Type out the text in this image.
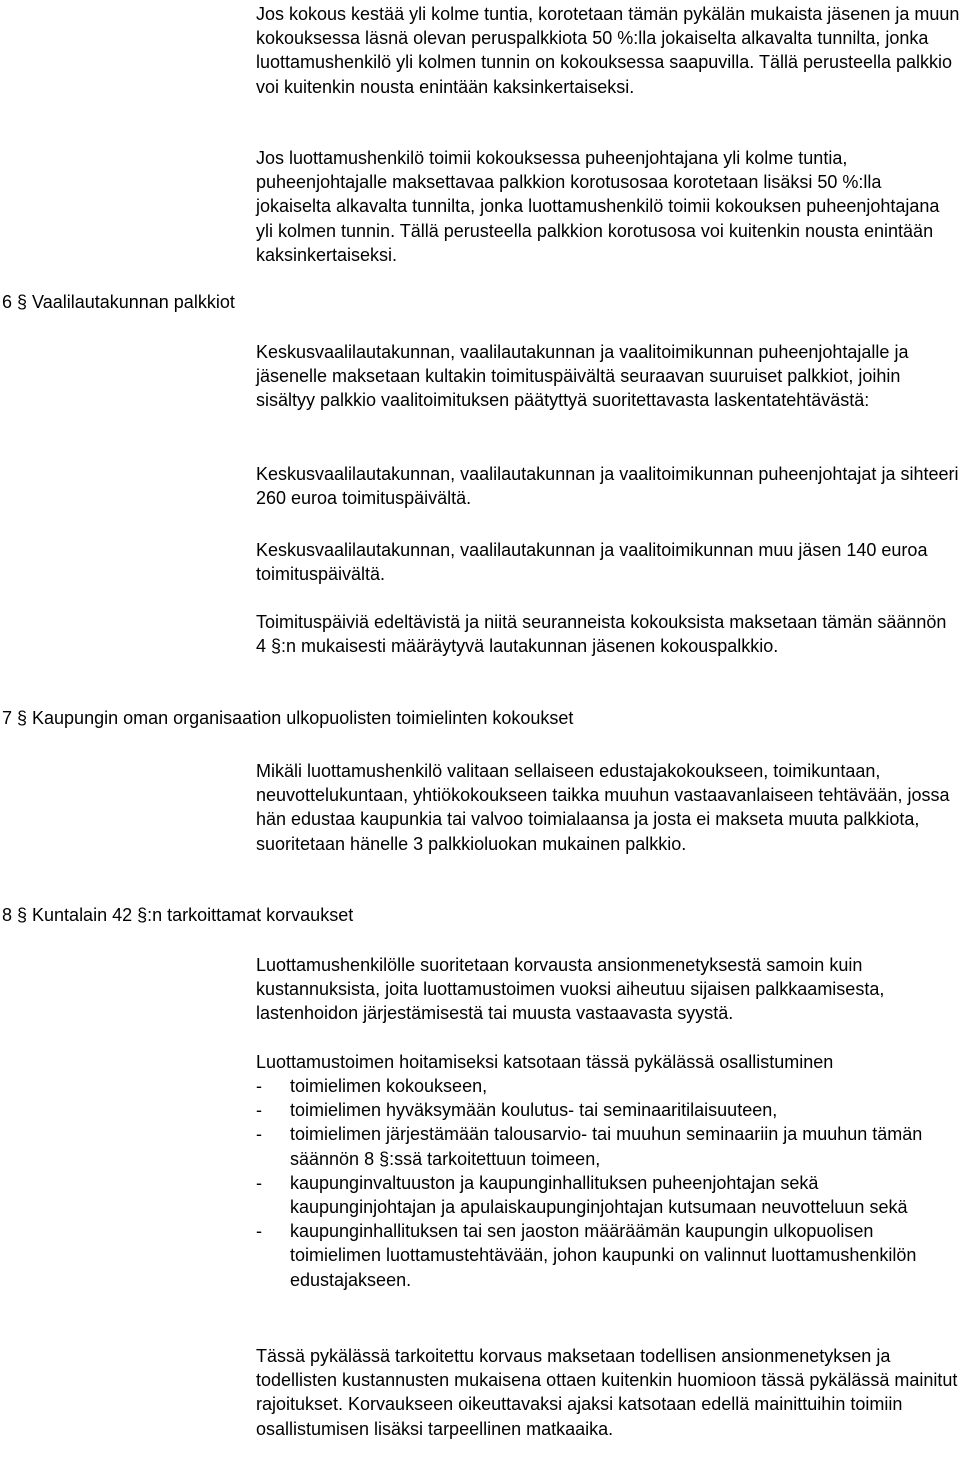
Jos kokous kestää yli kolme tuntia, korotetaan tämän pykälän mukaista jäsenen ja muun kokouksessa läsnä olevan peruspalkkiota 50 %:lla jokaiselta alkavalta tunnilta, jonka luottamushenkilö yli kolmen tunnin on kokouksessa saapuvilla. Tällä perusteella palkkio voi kuitenkin nousta enintään kaksinkertaiseksi.

Jos luottamushenkilö toimii kokouksessa puheenjohtajana yli kolme tuntia, puheenjohtajalle maksettavaa palkkion korotusosaa korotetaan lisäksi 50 %:lla jokaiselta alkavalta tunnilta, jonka luottamushenkilö toimii kokouksen puheenjohtajana yli kolmen tunnin. Tällä perusteella palkkion korotusosa voi kuitenkin nousta enintään kaksinkertaiseksi.

6 § Vaalilautakunnan palkkiot

Keskusvaalilautakunnan, vaalilautakunnan ja vaalitoimikunnan puheenjohtajalle ja jäsenelle maksetaan kultakin toimituspäivältä seuraavan suuruiset palkkiot, joihin sisältyy palkkio vaalitoimituksen päätyttyä suoritettavasta laskentatehtävästä:

Keskusvaalilautakunnan, vaalilautakunnan ja vaalitoimikunnan puheenjohtajat ja sihteeri 260 euroa toimituspäivältä.

Keskusvaalilautakunnan, vaalilautakunnan ja vaalitoimikunnan muu jäsen 140 euroa toimituspäivältä.

Toimituspäiviä edeltävistä ja niitä seuranneista kokouksista maksetaan tämän säännön 4 §:n mukaisesti määräytyvä lautakunnan jäsenen kokouspalkkio.

7 § Kaupungin oman organisaation ulkopuolisten toimielinten kokoukset

Mikäli luottamushenkilö valitaan sellaiseen edustajakokoukseen, toimikuntaan, neuvottelukuntaan, yhtiökokoukseen taikka muuhun vastaavanlaiseen tehtävään, jossa hän edustaa kaupunkia tai valvoo toimialaansa ja josta ei makseta muuta palkkiota, suoritetaan hänelle 3 palkkioluokan mukainen palkkio.

8 § Kuntalain 42 §:n tarkoittamat korvaukset

Luottamushenkilölle suoritetaan korvausta ansionmenetyksestä samoin kuin kustannuksista, joita luottamustoimen vuoksi aiheutuu sijaisen palkkaamisesta, lastenhoidon järjestämisestä tai muusta vastaavasta syystä.

Luottamustoimen hoitamiseksi katsotaan tässä pykälässä osallistuminen

- toimielimen kokoukseen,
- toimielimen hyväksymään koulutus- tai seminaaritilaisuuteen,
- toimielimen järjestämään talousarvio- tai muuhun seminaariin ja muuhun tämän säännön 8 §:ssä tarkoitettuun toimeen,
- kaupunginvaltuuston ja kaupunginhallituksen puheenjohtajan sekä kaupunginjohtajan ja apulaiskaupunginjohtajan kutsumaan neuvotteluun sekä
- kaupunginhallituksen tai sen jaoston määräämän kaupungin ulkopuolisen toimielimen luottamustehtävään, johon kaupunki on valinnut luottamushenkilön edustajakseen.

Tässä pykälässä tarkoitettu korvaus maksetaan todellisen ansionmenetyksen ja todellisten kustannusten mukaisena ottaen kuitenkin huomioon tässä pykälässä mainitut rajoitukset. Korvaukseen oikeuttavaksi ajaksi katsotaan edellä mainittuihin toimiin osallistumisen lisäksi tarpeellinen matkaaika.
